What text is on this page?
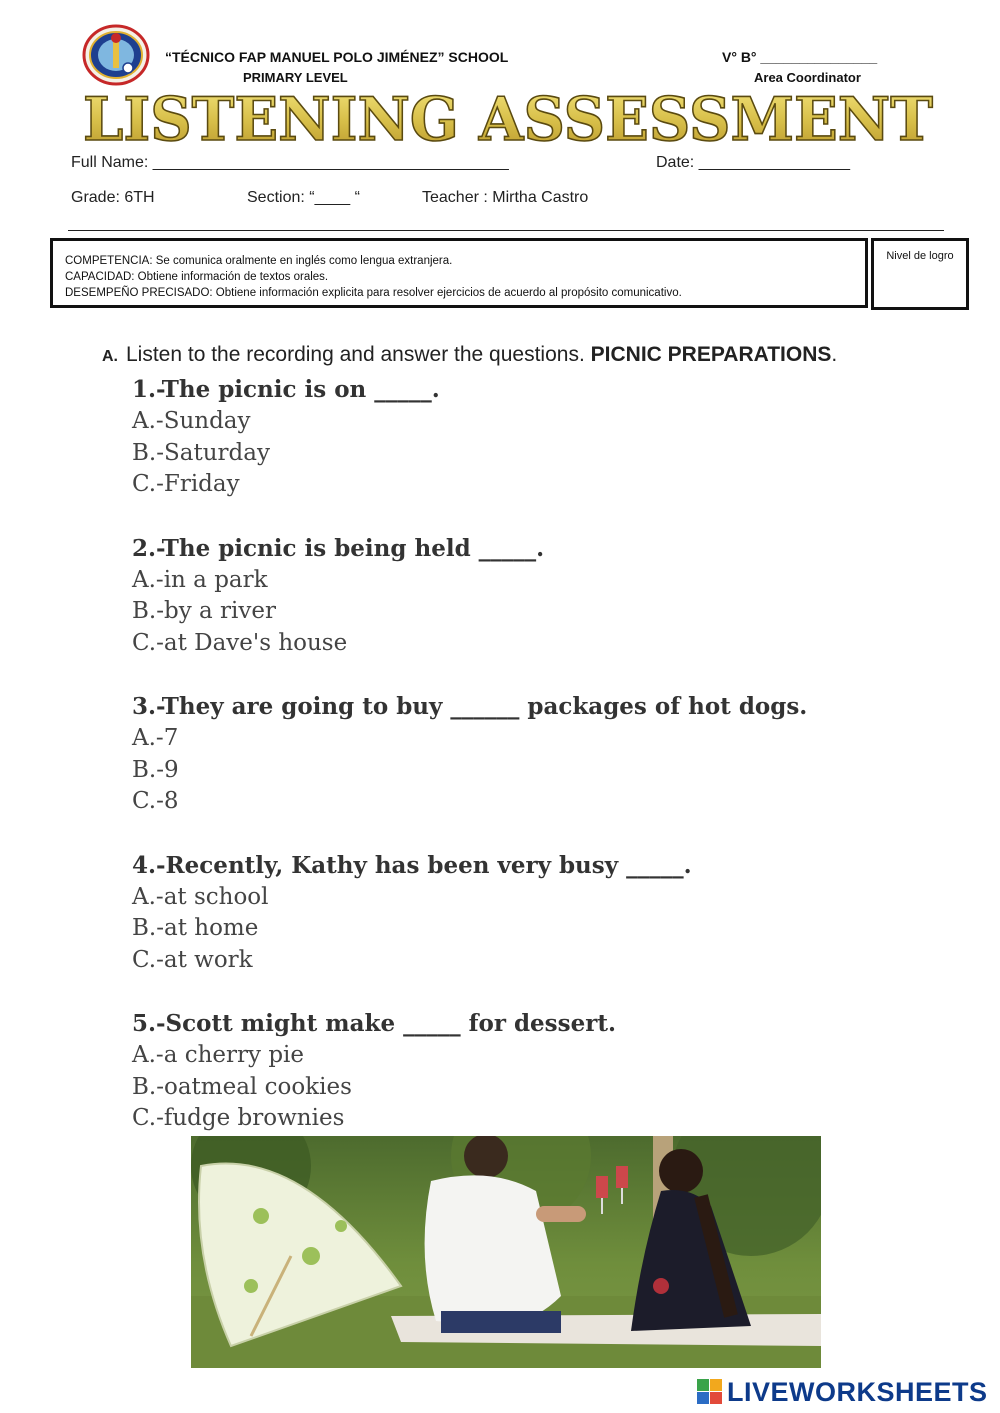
“TÉCNICO FAP MANUEL POLO JIMÉNEZ” SCHOOL
PRIMARY LEVEL
V° B° _______________
Area Coordinator
LISTENING ASSESSMENT
Full Name: ________________________________________	Date: _________________
Grade: 6TH	Section: “____ “	Teacher : Mirtha Castro
COMPETENCIA: Se comunica oralmente en inglés como lengua extranjera.
CAPACIDAD: Obtiene información de textos orales.
DESEMPEÑO PRECISADO: Obtiene información explicita para resolver ejercicios de acuerdo al propósito comunicativo.
Nivel de logro
A. Listen to the recording and answer the questions. PICNIC PREPARATIONS.
1.-The picnic is on _____.
A.-Sunday
B.-Saturday
C.-Friday
2.-The picnic is being held _____.
A.-in a park
B.-by a river
C.-at Dave's house
3.-They are going to buy ______ packages of hot dogs.
A.-7
B.-9
C.-8
4.-Recently, Kathy has been very busy _____.
A.-at school
B.-at home
C.-at work
5.-Scott might make _____ for dessert.
A.-a cherry pie
B.-oatmeal cookies
C.-fudge brownies
LIVEWORKSHEETS
